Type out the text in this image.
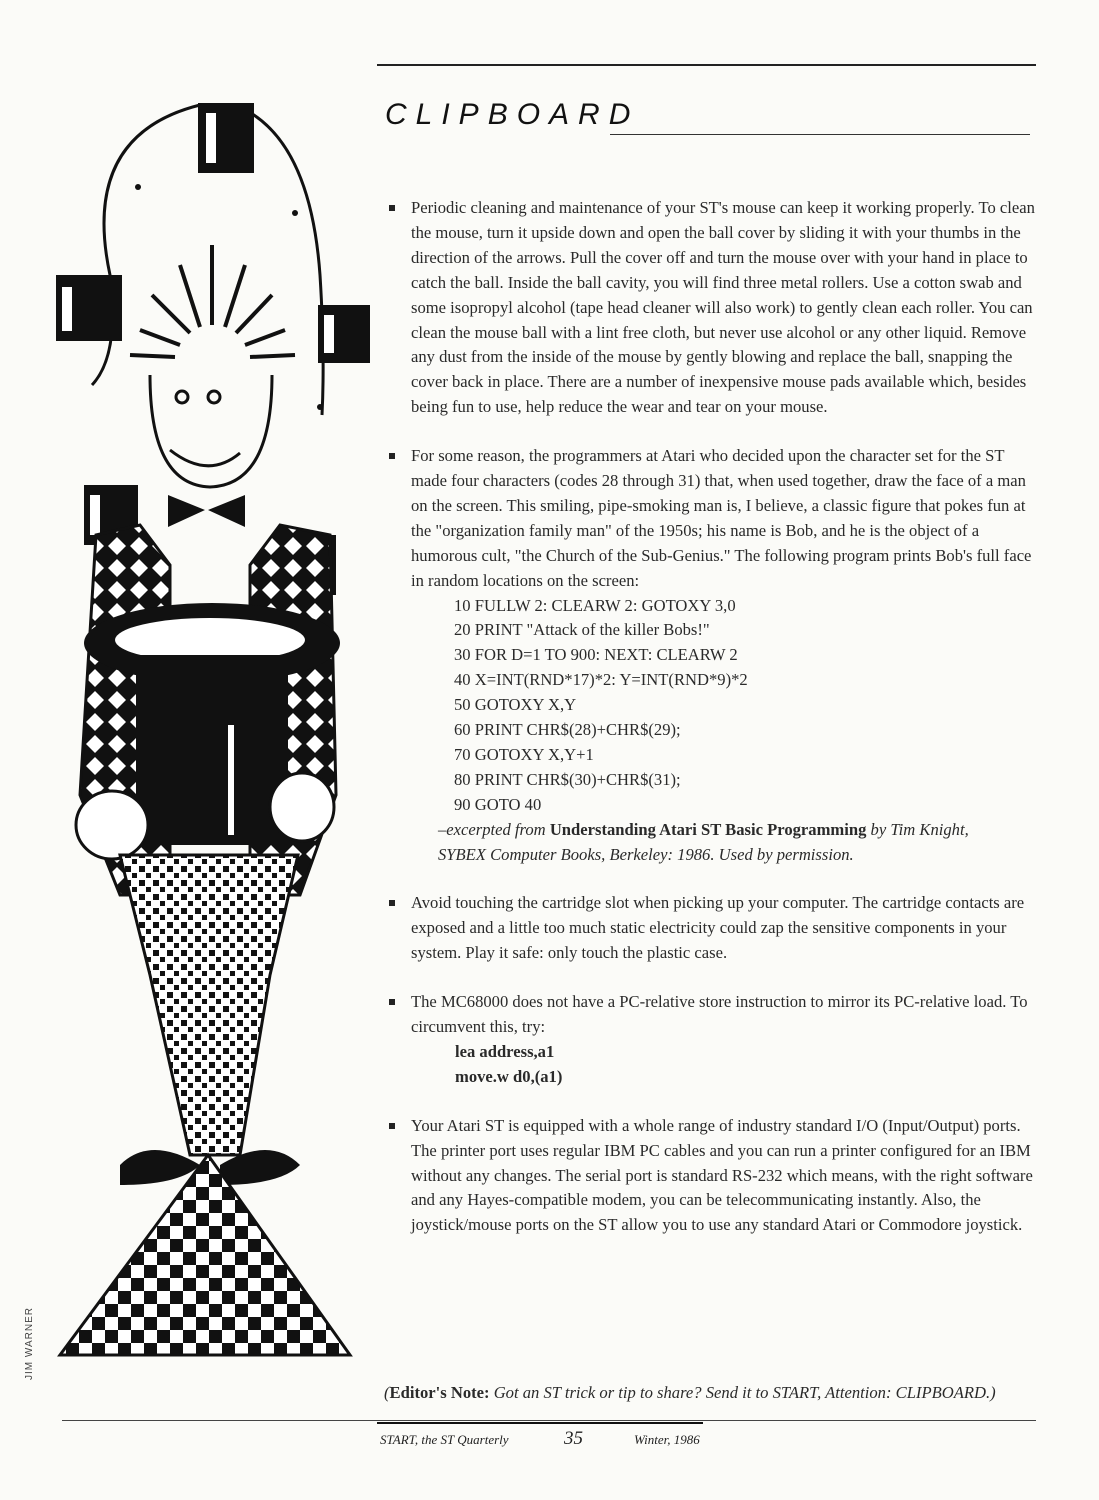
CLIPBOARD
JIM WARNER

Periodic cleaning and maintenance of your ST's mouse can keep it working properly. To clean the mouse, turn it upside down and open the ball cover by sliding it with your thumbs in the direction of the arrows. Pull the cover off and turn the mouse over with your hand in place to catch the ball. Inside the ball cavity, you will find three metal rollers. Use a cotton swab and some isopropyl alcohol (tape head cleaner will also work) to gently clean each roller. You can clean the mouse ball with a lint free cloth, but never use alcohol or any other liquid. Remove any dust from the inside of the mouse by gently blowing and replace the ball, snapping the cover back in place. There are a number of inexpensive mouse pads available which, besides being fun to use, help reduce the wear and tear on your mouse.

For some reason, the programmers at Atari who decided upon the character set for the ST made four characters (codes 28 through 31) that, when used together, draw the face of a man on the screen. This smiling, pipe-smoking man is, I believe, a classic figure that pokes fun at the "organization family man" of the 1950s; his name is Bob, and he is the object of a humorous cult, "the Church of the Sub-Genius." The following program prints Bob's full face in random locations on the screen:

10 FULLW 2: CLEARW 2: GOTOXY 3,0
20 PRINT "Attack of the killer Bobs!"
30 FOR D=1 TO 900: NEXT: CLEARW 2
40 X=INT(RND*17)*2: Y=INT(RND*9)*2
50 GOTOXY X,Y
60 PRINT CHR$(28)+CHR$(29);
70 GOTOXY X,Y+1
80 PRINT CHR$(30)+CHR$(31);
90 GOTO 40
–excerpted from Understanding Atari ST Basic Programming by Tim Knight,
SYBEX Computer Books, Berkeley: 1986. Used by permission.

Avoid touching the cartridge slot when picking up your computer. The cartridge contacts are exposed and a little too much static electricity could zap the sensitive components in your system. Play it safe: only touch the plastic case.

The MC68000 does not have a PC-relative store instruction to mirror its PC-relative load. To circumvent this, try:

lea address,a1
move.w d0,(a1)

Your Atari ST is equipped with a whole range of industry standard I/O (Input/Output) ports. The printer port uses regular IBM PC cables and you can run a printer configured for an IBM without any changes. The serial port is standard RS-232 which means, with the right software and any Hayes-compatible modem, you can be telecommunicating instantly. Also, the joystick/mouse ports on the ST allow you to use any standard Atari or Commodore joystick.

(Editor's Note: Got an ST trick or tip to share? Send it to START, Attention: CLIPBOARD.)
START, the ST Quarterly	35	Winter, 1986
